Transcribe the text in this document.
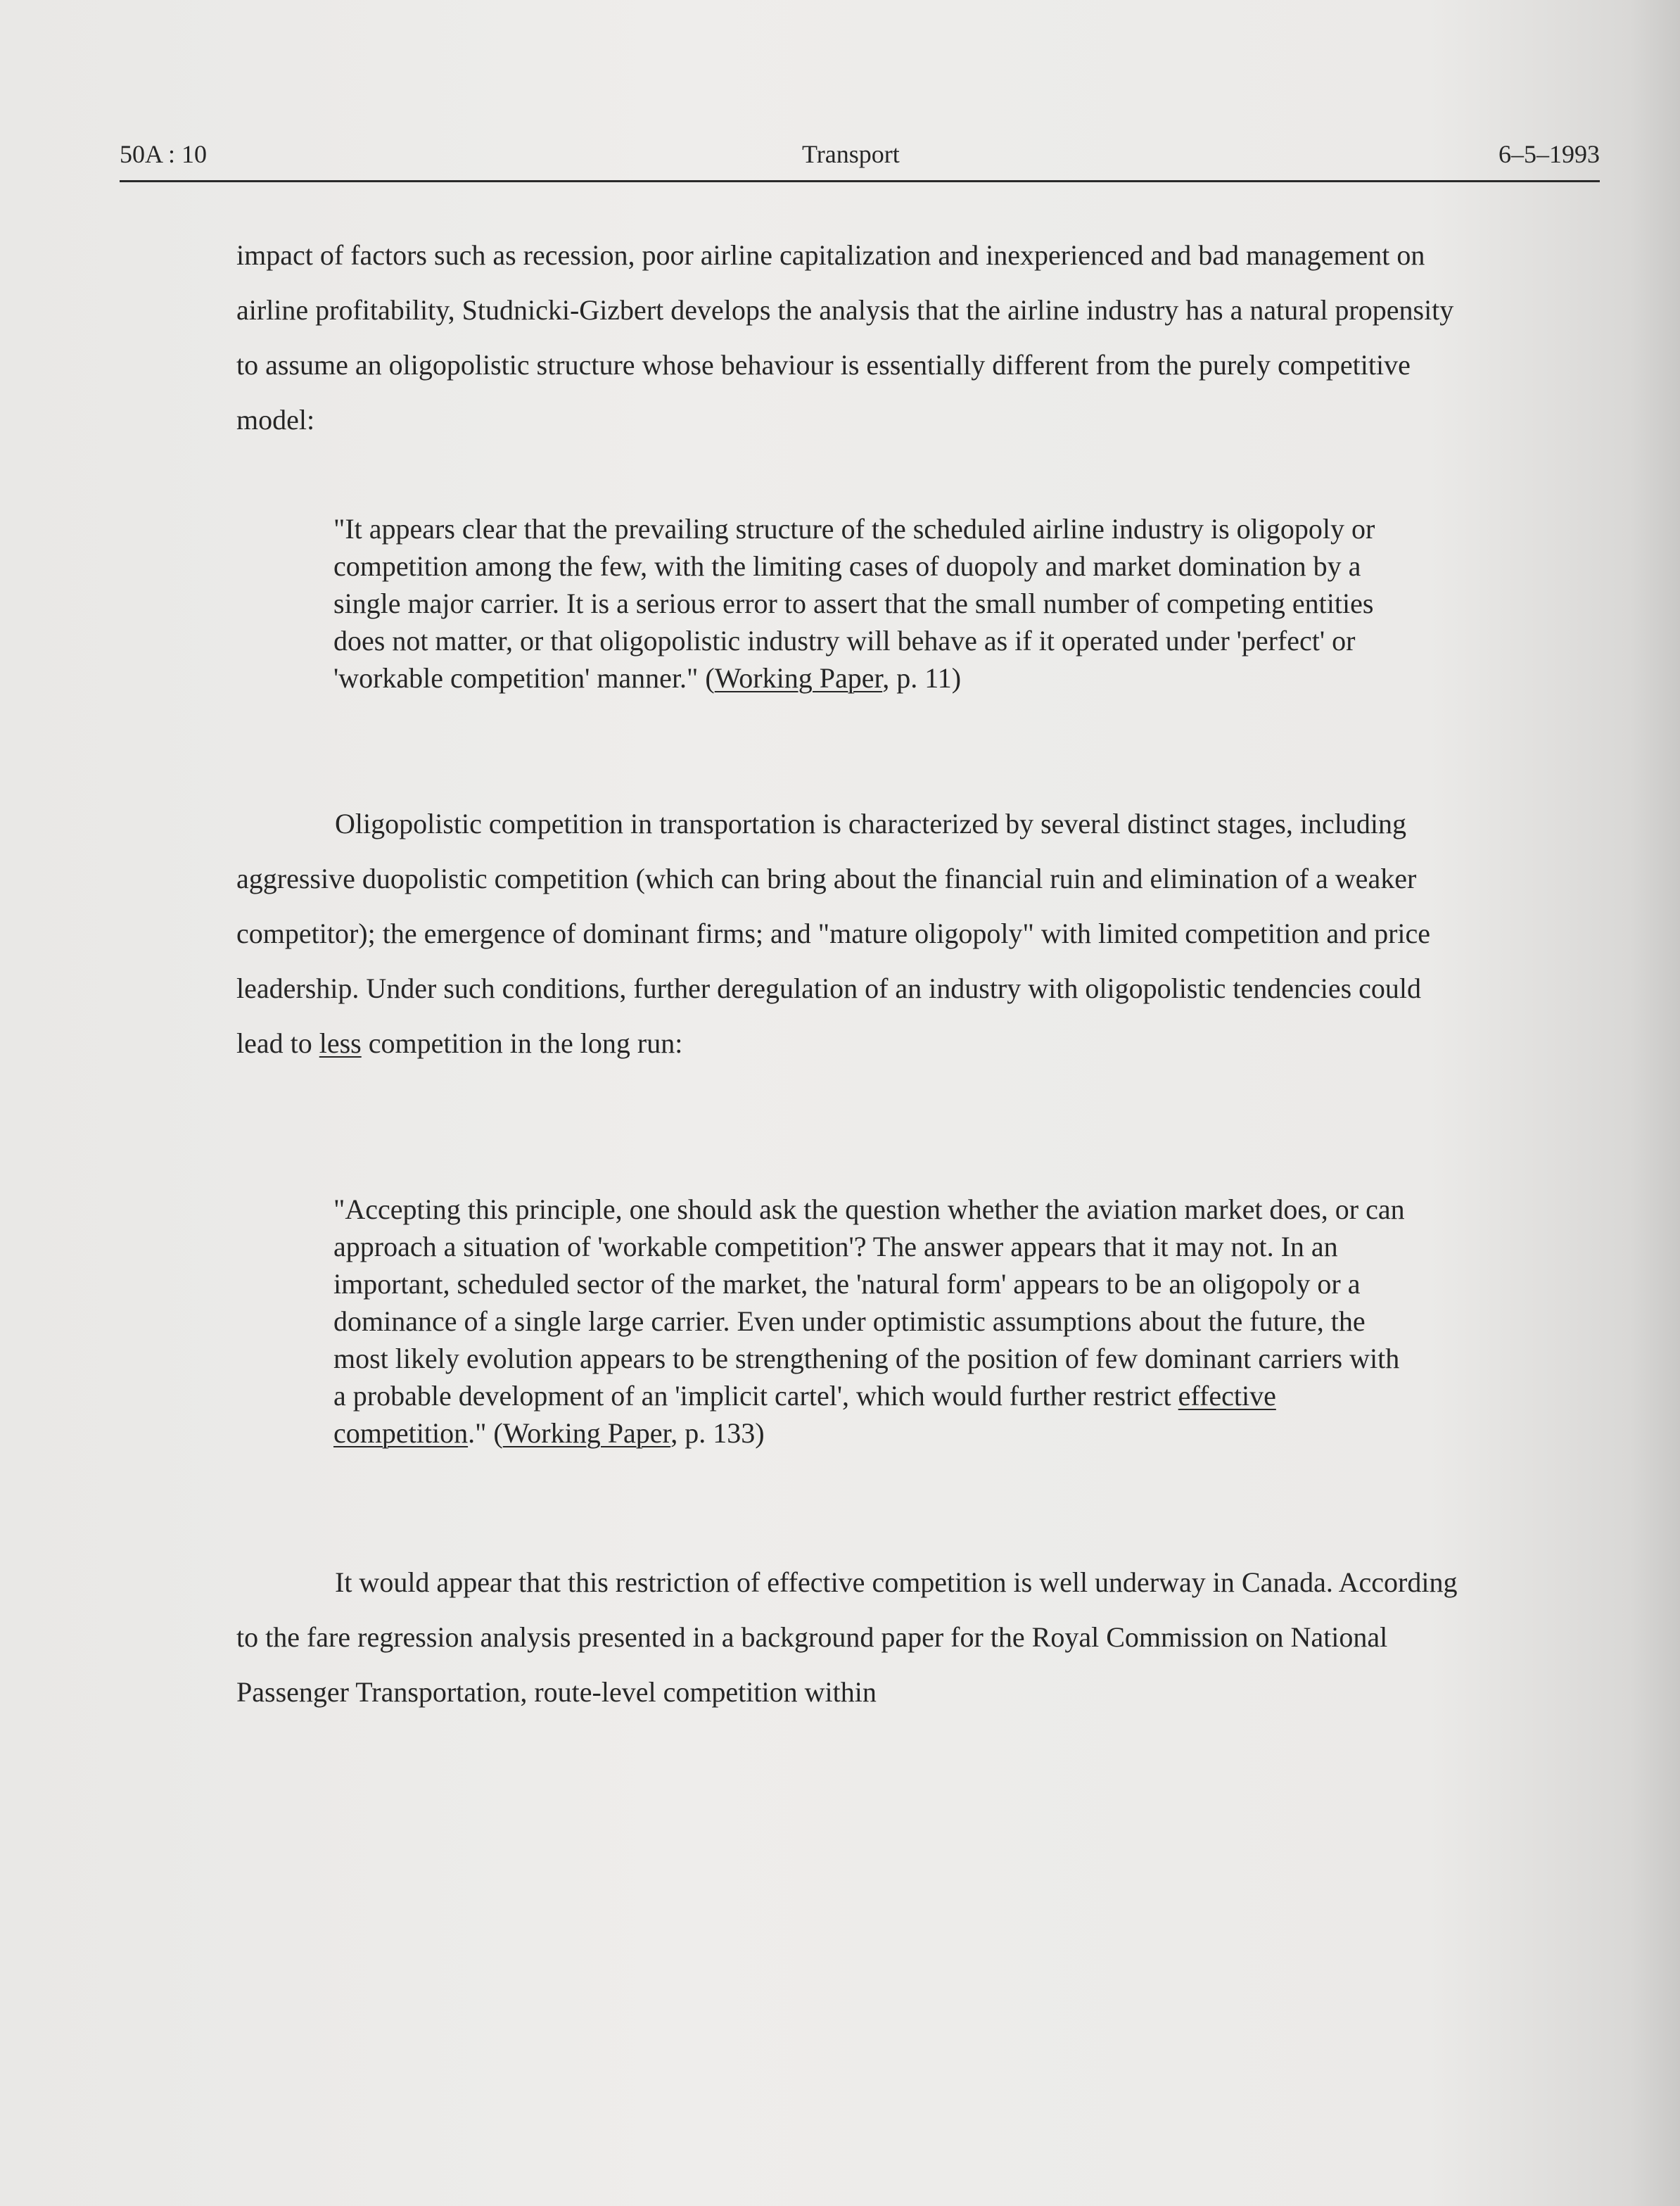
50A : 10	Transport	6–5–1993

impact of factors such as recession, poor airline capitalization and inexperienced and bad management on airline profitability, Studnicki-Gizbert develops the analysis that the airline industry has a natural propensity to assume an oligopolistic structure whose behaviour is essentially different from the purely competitive model:

"It appears clear that the prevailing structure of the scheduled airline industry is oligopoly or competition among the few, with the limiting cases of duopoly and market domination by a single major carrier. It is a serious error to assert that the small number of competing entities does not matter, or that oligopolistic industry will behave as if it operated under 'perfect' or 'workable competition' manner." (Working Paper, p. 11)

Oligopolistic competition in transportation is characterized by several distinct stages, including aggressive duopolistic competition (which can bring about the financial ruin and elimination of a weaker competitor); the emergence of dominant firms; and "mature oligopoly" with limited competition and price leadership. Under such conditions, further deregulation of an industry with oligopolistic tendencies could lead to less competition in the long run:

"Accepting this principle, one should ask the question whether the aviation market does, or can approach a situation of 'workable competition'? The answer appears that it may not. In an important, scheduled sector of the market, the 'natural form' appears to be an oligopoly or a dominance of a single large carrier. Even under optimistic assumptions about the future, the most likely evolution appears to be strengthening of the position of few dominant carriers with a probable development of an 'implicit cartel', which would further restrict effective competition." (Working Paper, p. 133)

It would appear that this restriction of effective competition is well underway in Canada. According to the fare regression analysis presented in a background paper for the Royal Commission on National Passenger Transportation, route-level competition within
